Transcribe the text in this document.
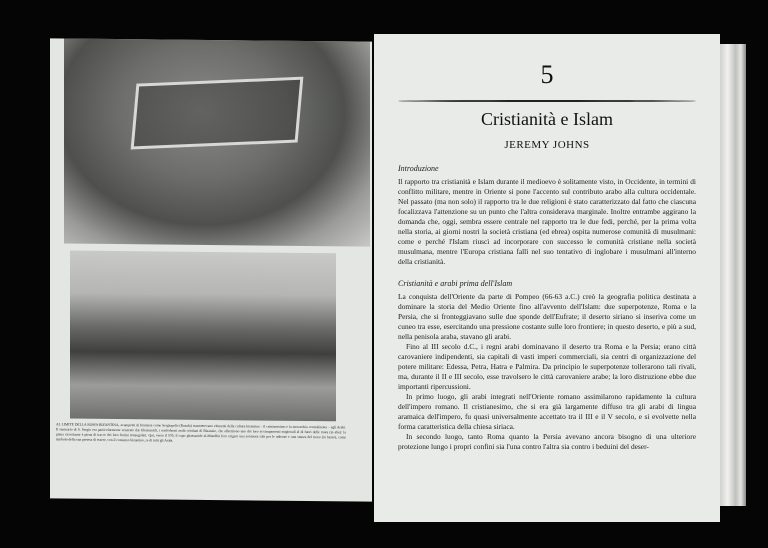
AL LIMITE DELLA ROMA BIZANTINA, avamposti di frontiera come Sergiopolis (Rusafa) trasmettevano elementi della cultura bizantina – il cristianesimo e la monarchia centralizzata – agli Arabi. Il santuario di S. Sergio era particolarmente venerato dai Ghassanidi, i confederati arabi cristiani di Bisanzio, che allestirono uno dei loro accampamenti stagionali al di fuori delle mura (in alto): la piana circostante è piena di tracce dei loro fortini rettangolari. Qui, verso il 570, il capo ghassanide al-Mundhir fece erigere una sontuosa sala per le udienze e una stanza del trono (in basso), come simbolo della sua pretesa di essere, con il consenso bizantino, re di tutti gli Arabi.
5
Cristianità e Islam
JEREMY JOHNS
Introduzione

Il rapporto tra cristianità e Islam durante il medioevo è solitamente visto, in Occidente, in termini di conflitto militare, mentre in Oriente si pone l'accento sul contributo arabo alla cultura occidentale. Nel passato (ma non solo) il rapporto tra le due religioni è stato caratterizzato dal fatto che ciascuna focalizzava l'attenzione su un punto che l'altra considerava marginale. Inoltre entrambe aggirano la domanda che, oggi, sembra essere centrale nel rapporto tra le due fedi, perché, per la prima volta nella storia, ai giorni nostri la società cristiana (ed ebrea) ospita numerose comunità di musulmani: come e perché l'Islam riuscì ad incorporare con successo le comunità cristiane nella società musulmana, mentre l'Europa cristiana fallì nel suo tentativo di inglobare i musulmani all'interno della cristianità.

Cristianità e arabi prima dell'Islam

La conquista dell'Oriente da parte di Pompeo (66-63 a.C.) creò la geografia politica destinata a dominare la storia del Medio Oriente fino all'avvento dell'Islam: due superpotenze, Roma e la Persia, che si fronteggiavano sulle due sponde dell'Eufrate; il deserto siriano si inseriva come un cuneo tra esse, esercitando una pressione costante sulle loro frontiere; in questo deserto, e più a sud, nella penisola araba, stavano gli arabi.

Fino al III secolo d.C., i regni arabi dominavano il deserto tra Roma e la Persia; erano città carovaniere indipendenti, sia capitali di vasti imperi commerciali, sia centri di organizzazione del potere militare: Edessa, Petra, Hatra e Palmira. Da principio le superpotenze tollerarono tali rivali, ma, durante il II e III secolo, esse travolsero le città carovaniere arabe; la loro distruzione ebbe due importanti ripercussioni.

In primo luogo, gli arabi integrati nell'Oriente romano assimilarono rapidamente la cultura dell'impero romano. Il cristianesimo, che si era già largamente diffuso tra gli arabi di lingua aramaica dell'impero, fu quasi universalmente accettato tra il III e il V secolo, e si evolvette nella forma caratteristica della chiesa siriaca.

In secondo luogo, tanto Roma quanto la Persia avevano ancora bisogno di una ulteriore protezione lungo i propri confini sia l'una contro l'altra sia contro i beduini del deser-
